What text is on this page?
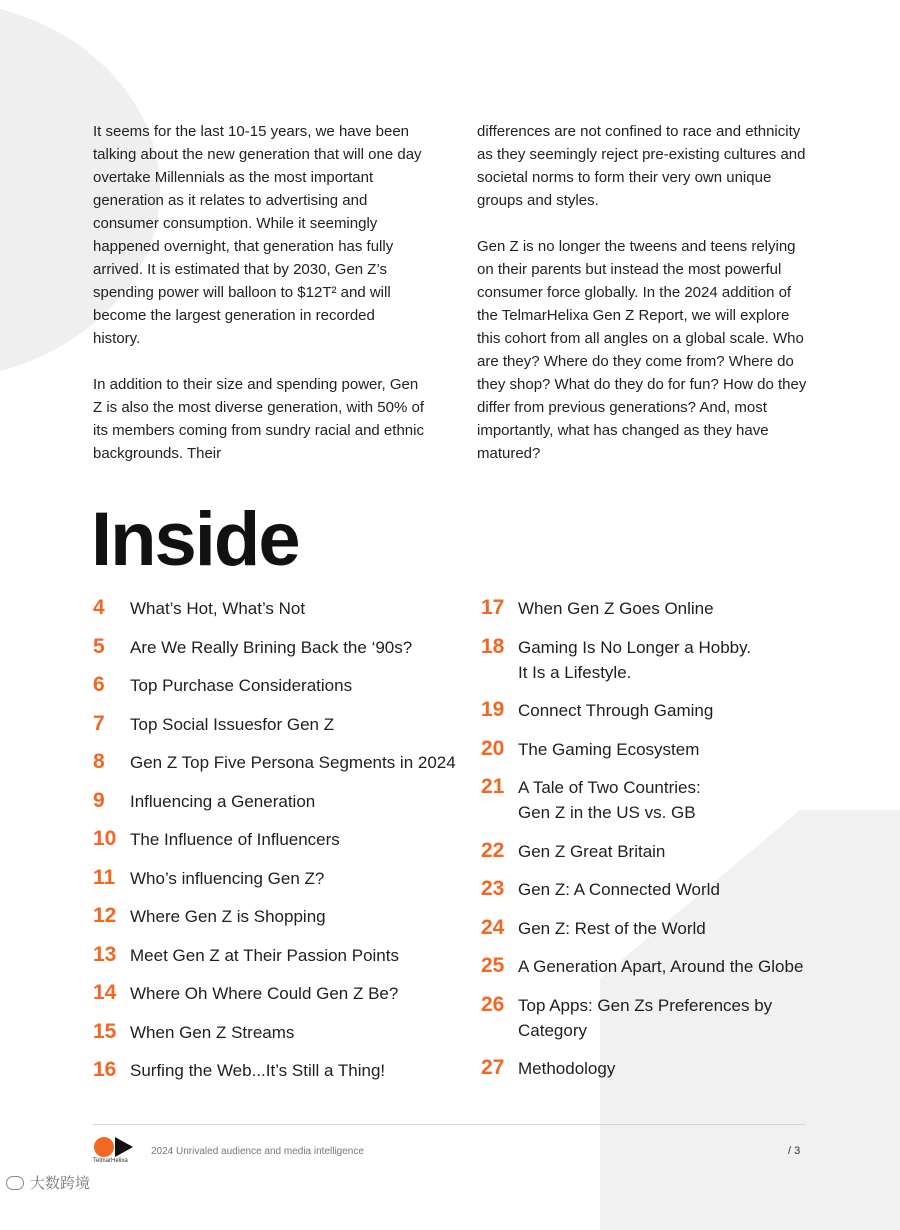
It seems for the last 10-15 years, we have been talking about the new generation that will one day overtake Millennials as the most important generation as it relates to advertising and consumer consumption. While it seemingly happened overnight, that generation has fully arrived. It is estimated that by 2030, Gen Z’s spending power will balloon to $12T² and will become the largest generation in recorded history.

In addition to their size and spending power, Gen Z is also the most diverse generation, with 50% of its members coming from sundry racial and ethnic backgrounds. Their

differences are not confined to race and ethnicity as they seemingly reject pre-existing cultures and societal norms to form their very own unique groups and styles.

Gen Z is no longer the tweens and teens relying on their parents but instead the most powerful consumer force globally. In the 2024 addition of the TelmarHelixa Gen Z Report, we will explore this cohort from all angles on a global scale. Who are they? Where do they come from? Where do they shop? What do they do for fun? How do they differ from previous generations? And, most importantly, what has changed as they have matured?

Inside
4	What’s Hot, What’s Not
5	Are We Really Brining Back the ‘90s?
6	Top Purchase Considerations
7	Top Social Issuesfor Gen Z
8	Gen Z Top Five Persona Segments in 2024
9	Influencing a Generation
10 The Influence of Influencers
11 Who’s influencing Gen Z?
12 Where Gen Z is Shopping
13 Meet Gen Z at Their Passion Points
14 Where Oh Where Could Gen Z Be?
15 When Gen Z Streams
16 Surfing the Web...It’s Still a Thing!
17 When Gen Z Goes Online
18 Gaming Is No Longer a Hobby.
It Is a Lifestyle.
19 Connect Through Gaming
20 The Gaming Ecosystem
21 A Tale of Two Countries:
Gen Z in the US vs. GB
22 Gen Z Great Britain
23 Gen Z: A Connected World
24 Gen Z: Rest of the World
25 A Generation Apart, Around the Globe
26 Top Apps: Gen Zs Preferences by
Category
27 Methodology
TelmarHelixa
2024 Unrivaled audience and media intelligence	/ 3
大数跨境
